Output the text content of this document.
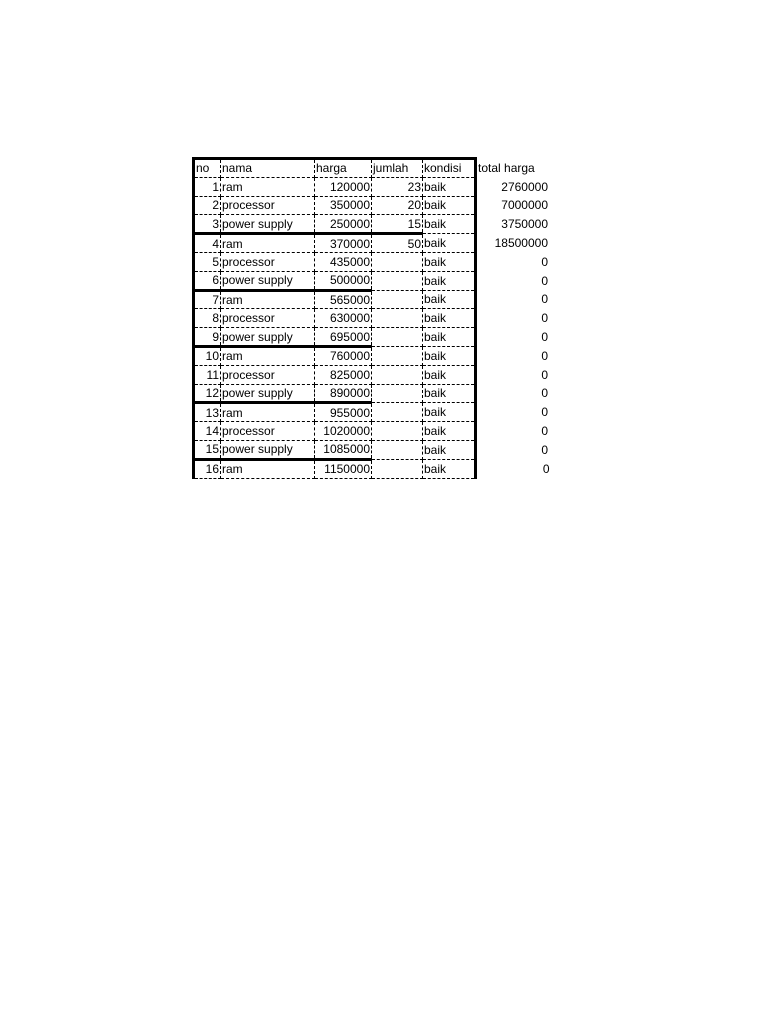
no	nama	harga	jumlah	kondisi	total harga
1	ram	120000	23	baik	2760000
2	processor	350000	20	baik	7000000
3	power supply	250000	15	baik	3750000
4	ram	370000	50	baik	18500000
5	processor	435000		baik	0
6	power supply	500000		baik	0
7	ram	565000		baik	0
8	processor	630000		baik	0
9	power supply	695000		baik	0
10	ram	760000		baik	0
11	processor	825000		baik	0
12	power supply	890000		baik	0
13	ram	955000		baik	0
14	processor	1020000		baik	0
15	power supply	1085000		baik	0
16	ram	1150000		baik	0
